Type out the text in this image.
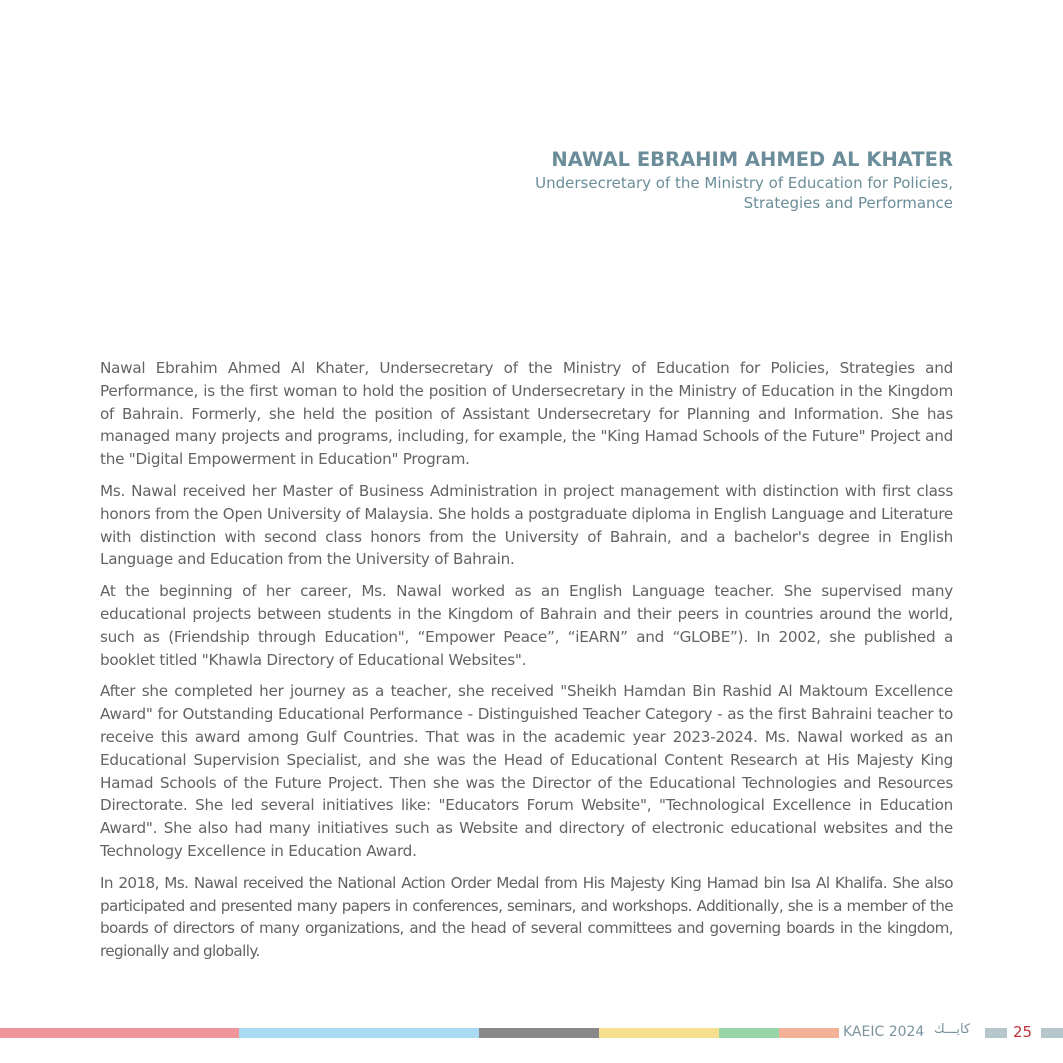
NAWAL EBRAHIM AHMED AL KHATER
Undersecretary of the Ministry of Education for Policies,
Strategies and Performance

Nawal Ebrahim Ahmed Al Khater, Undersecretary of the Ministry of Education for Policies, Strategies and Performance, is the first woman to hold the position of Undersecretary in the Ministry of Education in the Kingdom of Bahrain. Formerly, she held the position of Assistant Undersecretary for Planning and Information. She has managed many projects and programs, including, for example, the "King Hamad Schools of the Future" Project and the "Digital Empowerment in Education" Program.

Ms. Nawal received her Master of Business Administration in project management with distinction with first class honors from the Open University of Malaysia. She holds a postgraduate diploma in English Language and Literature with distinction with second class honors from the University of Bahrain, and a bachelor's degree in English Language and Education from the University of Bahrain.

At the beginning of her career, Ms. Nawal worked as an English Language teacher. She supervised many educational projects between students in the Kingdom of Bahrain and their peers in countries around the world, such as (Friendship through Education", “Empower Peace”, “iEARN” and “GLOBE”). In 2002, she published a booklet titled "Khawla Directory of Educational Websites".

After she completed her journey as a teacher, she received "Sheikh Hamdan Bin Rashid Al Maktoum Excellence Award" for Outstanding Educational Performance - Distinguished Teacher Category - as the first Bahraini teacher to receive this award among Gulf Countries. That was in the academic year 2023-2024. Ms. Nawal worked as an Educational Supervision Specialist, and she was the Head of Educational Content Research at His Majesty King Hamad Schools of the Future Project. Then she was the Director of the Educational Technologies and Resources Directorate. She led several initiatives like: "Educators Forum Website", "Technological Excellence in Education Award". She also had many initiatives such as Website and directory of electronic educational websites and the Technology Excellence in Education Award.

In 2018, Ms. Nawal received the National Action Order Medal from His Majesty King Hamad bin Isa Al Khalifa. She also participated and presented many papers in conferences, seminars, and workshops. Additionally, she is a member of the boards of directors of many organizations, and the head of several committees and governing boards in the kingdom, regionally and globally.

KAEIC 2024 كايـــك	25
